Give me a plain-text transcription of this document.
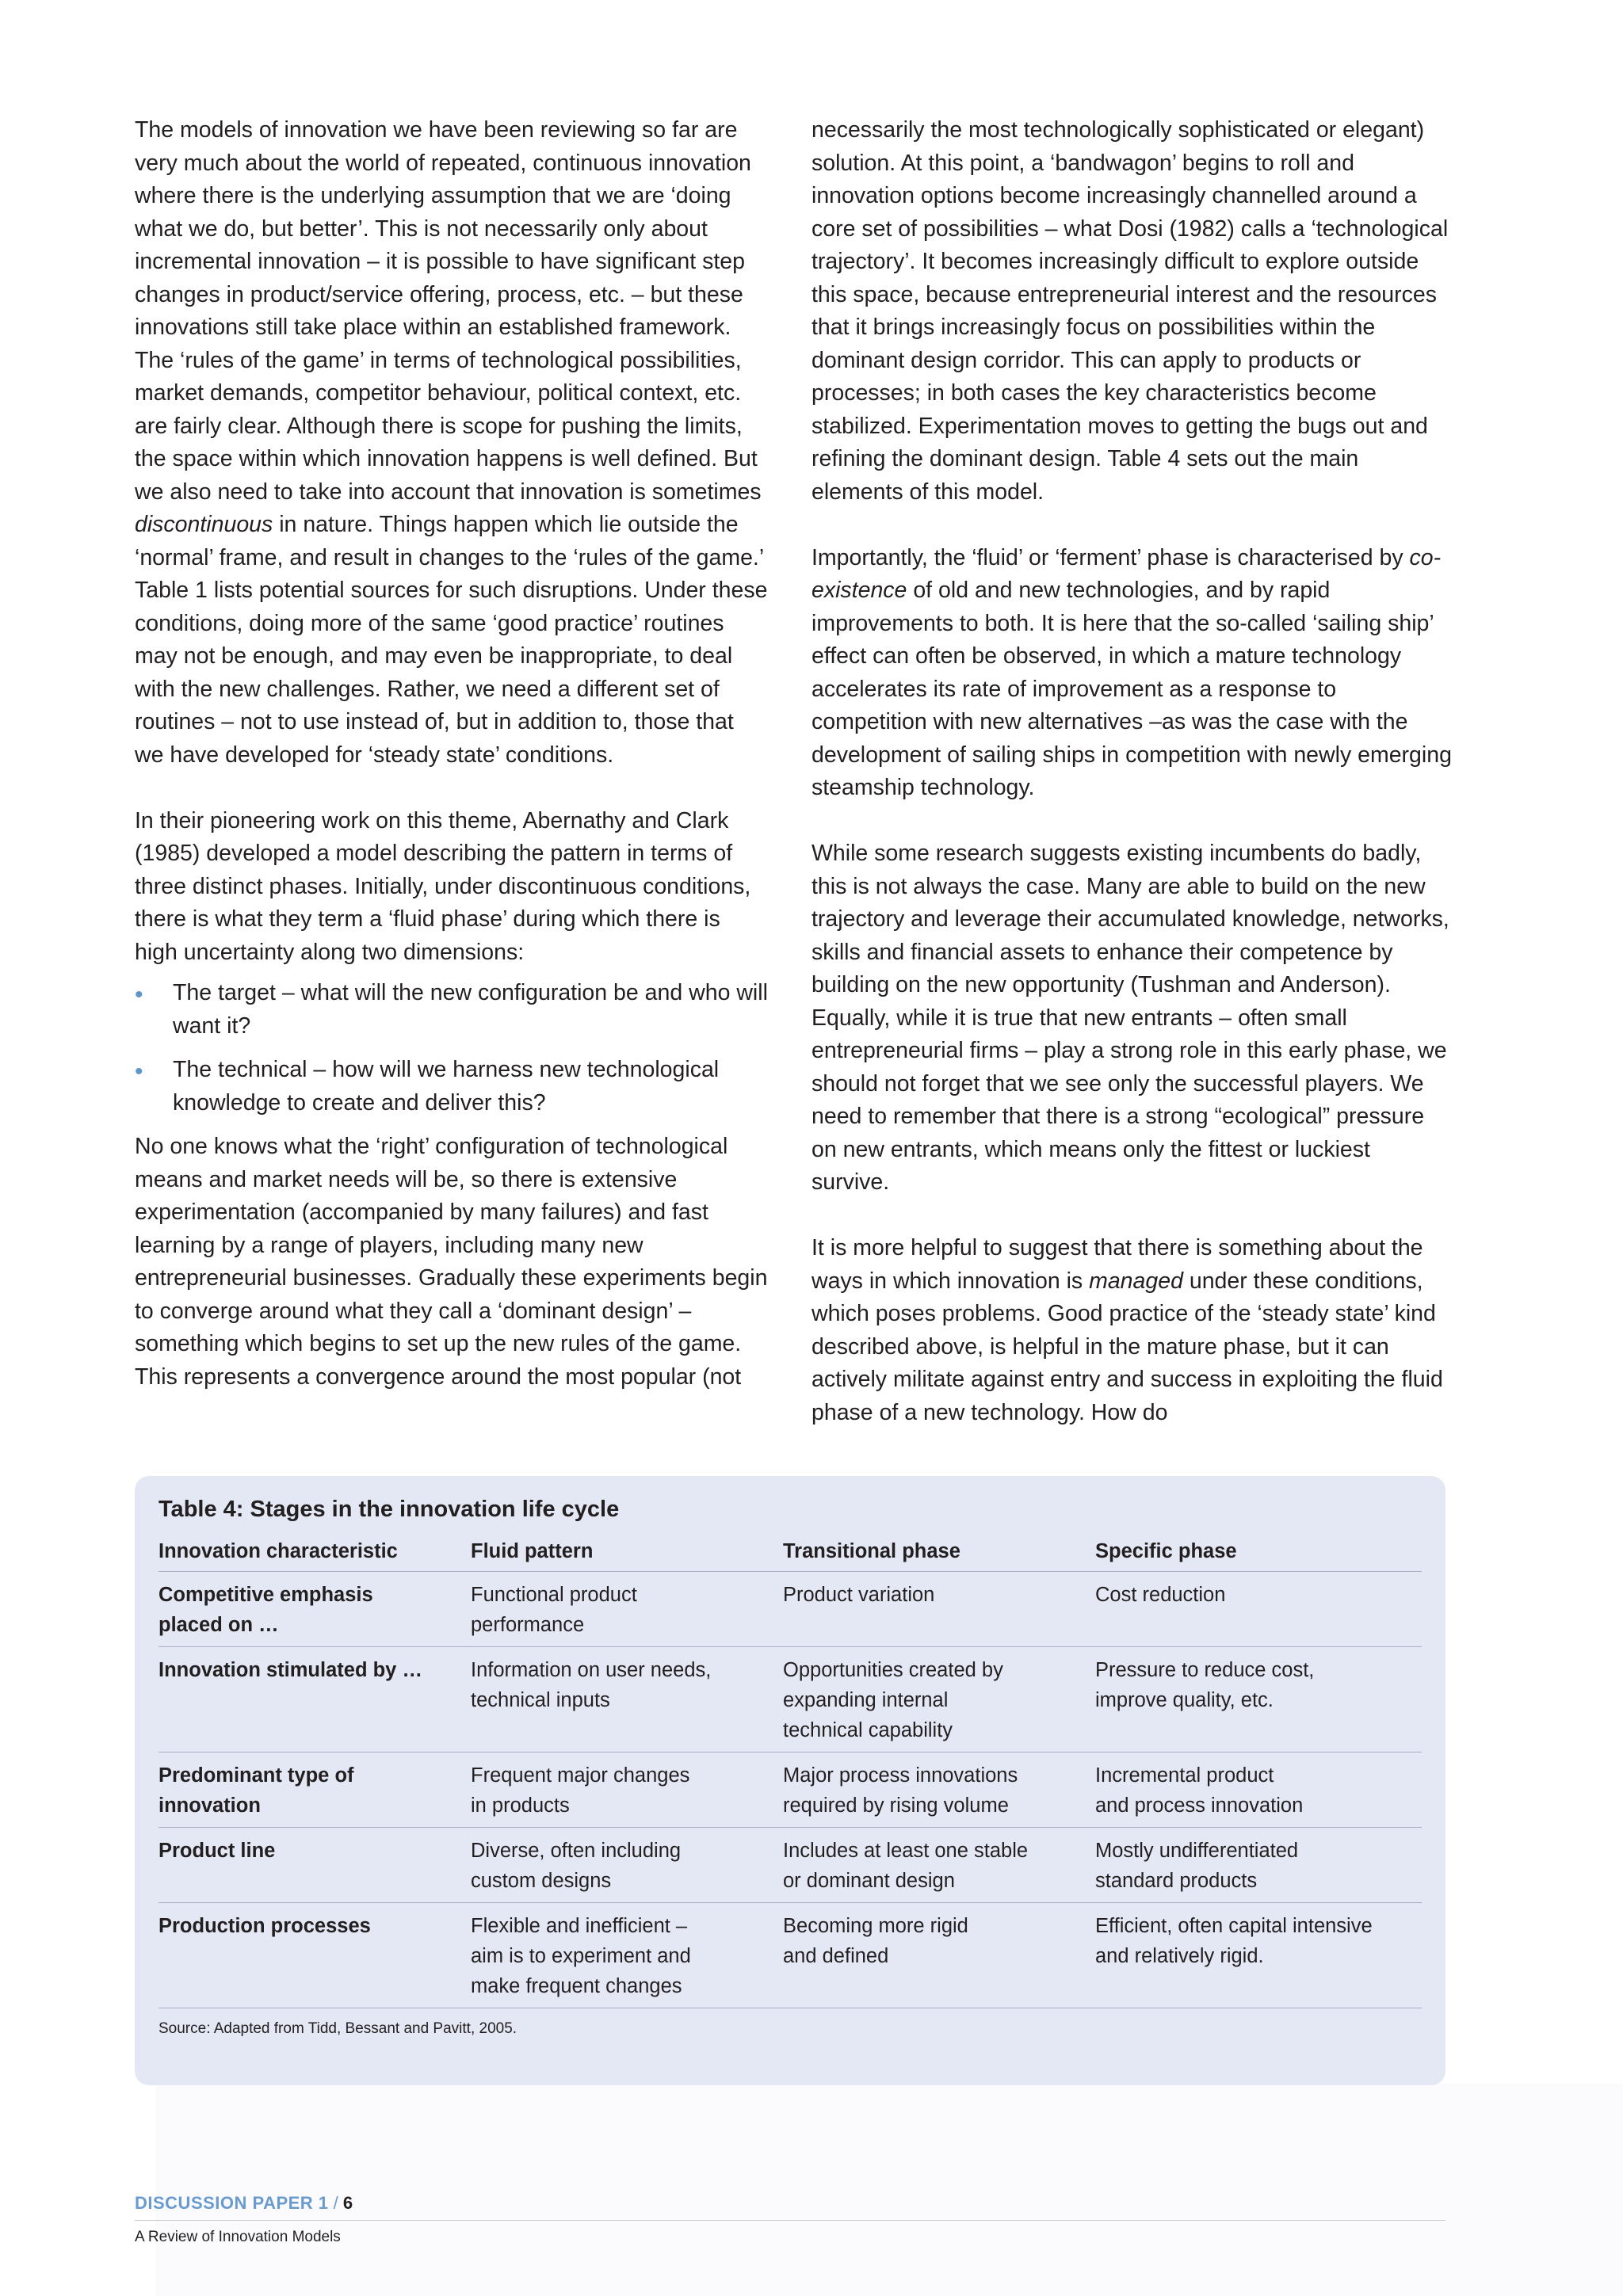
The models of innovation we have been reviewing so far are very much about the world of repeated, continuous innovation where there is the underlying assumption that we are ‘doing what we do, but better’. This is not necessarily only about incremental innovation – it is possible to have significant step changes in product/service offering, process, etc. – but these innovations still take place within an established framework. The ‘rules of the game’ in terms of technological possibilities, market demands, competitor behaviour, political context, etc. are fairly clear. Although there is scope for pushing the limits, the space within which innovation happens is well defined. But we also need to take into account that innovation is sometimes discontinuous in nature. Things happen which lie outside the ‘normal’ frame, and result in changes to the ‘rules of the game.’ Table 1 lists potential sources for such disruptions. Under these conditions, doing more of the same ‘good practice’ routines may not be enough, and may even be inappropriate, to deal with the new challenges. Rather, we need a different set of routines – not to use instead of, but in addition to, those that we have developed for ‘steady state’ conditions.

In their pioneering work on this theme, Abernathy and Clark (1985) developed a model describing the pattern in terms of three distinct phases. Initially, under discontinuous conditions, there is what they term a ‘fluid phase’ during which there is high uncertainty along two dimensions:

• The target – what will the new configuration be and who will want it?
• The technical – how will we harness new technological knowledge to create and deliver this?

No one knows what the ‘right’ configuration of technological means and market needs will be, so there is extensive experimentation (accompanied by many failures) and fast learning by a range of players, including many new entrepreneurial businesses. Gradually these experiments begin to converge around what they call a ‘dominant design’ – something which begins to set up the new rules of the game. This represents a convergence around the most popular (not

necessarily the most technologically sophisticated or elegant) solution. At this point, a ‘bandwagon’ begins to roll and innovation options become increasingly channelled around a core set of possibilities – what Dosi (1982) calls a ‘technological trajectory’. It becomes increasingly difficult to explore outside this space, because entrepreneurial interest and the resources that it brings increasingly focus on possibilities within the dominant design corridor. This can apply to products or processes; in both cases the key characteristics become stabilized. Experimentation moves to getting the bugs out and refining the dominant design. Table 4 sets out the main elements of this model.

Importantly, the ‘fluid’ or ‘ferment’ phase is characterised by co-existence of old and new technologies, and by rapid improvements to both. It is here that the so-called ‘sailing ship’ effect can often be observed, in which a mature technology accelerates its rate of improvement as a response to competition with new alternatives –as was the case with the development of sailing ships in competition with newly emerging steamship technology.

While some research suggests existing incumbents do badly, this is not always the case. Many are able to build on the new trajectory and leverage their accumulated knowledge, networks, skills and financial assets to enhance their competence by building on the new opportunity (Tushman and Anderson). Equally, while it is true that new entrants – often small entrepreneurial firms – play a strong role in this early phase, we should not forget that we see only the successful players. We need to remember that there is a strong “ecological” pressure on new entrants, which means only the fittest or luckiest survive.

It is more helpful to suggest that there is something about the ways in which innovation is managed under these conditions, which poses problems. Good practice of the ‘steady state’ kind described above, is helpful in the mature phase, but it can actively militate against entry and success in exploiting the fluid phase of a new technology. How do

Table 4: Stages in the innovation life cycle
Innovation characteristic	Fluid pattern	Transitional phase	Specific phase
Competitive emphasis
placed on …	Functional product
performance	Product variation	Cost reduction
Innovation stimulated by …	Information on user needs,
technical inputs	Opportunities created by
expanding internal
technical capability	Pressure to reduce cost,
improve quality, etc.
Predominant type of
innovation	Frequent major changes
in products	Major process innovations
required by rising volume	Incremental product
and process innovation
Product line	Diverse, often including
custom designs	Includes at least one stable
or dominant design	Mostly undifferentiated
standard products
Production processes	Flexible and inefficient –
aim is to experiment and
make frequent changes	Becoming more rigid
and defined	Efficient, often capital intensive
and relatively rigid.
Source: Adapted from Tidd, Bessant and Pavitt, 2005.
DISCUSSION PAPER 1 / 6
A Review of Innovation Models
